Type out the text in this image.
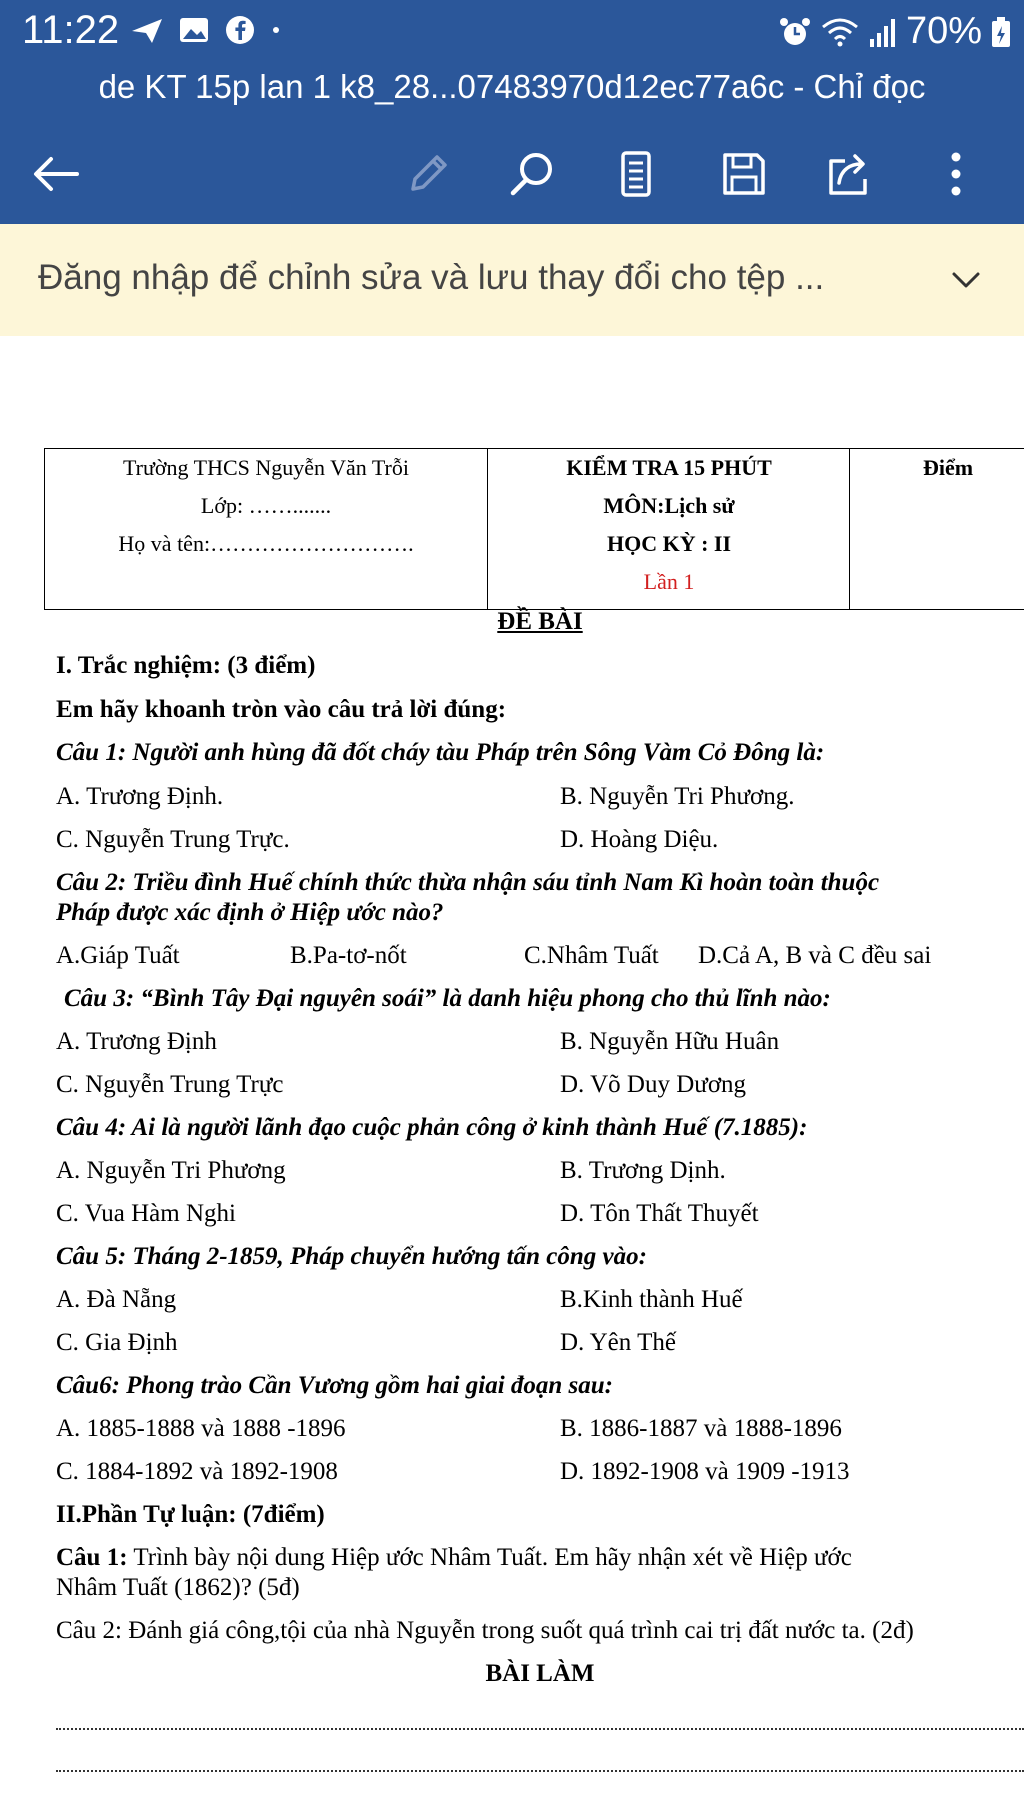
11:22	70%
de KT 15p lan 1 k8_28...07483970d12ec77a6c - Chỉ đọc
Đăng nhập để chỉnh sửa và lưu thay đổi cho tệp ...
Trường THCS Nguyễn Văn Trỗi
Lớp: …….......
Họ và tên:……………………….
KIỂM TRA 15 PHÚT
MÔN:Lịch sử
HỌC KỲ : II
Lần 1
Điểm
ĐỀ BÀI
I. Trắc nghiệm: (3 điểm)
Em hãy khoanh tròn vào câu trả lời đúng:
Câu 1: Người anh hùng đã đốt cháy tàu Pháp trên Sông Vàm Cỏ Đông là:
A. Trương Định.	B. Nguyễn Tri Phương.
C. Nguyễn Trung Trực.	D. Hoàng Diệu.
Câu 2: Triều đình Huế chính thức thừa nhận sáu tỉnh Nam Kì hoàn toàn thuộc
Pháp được xác định ở Hiệp ước nào?
A.Giáp Tuất	B.Pa-tơ-nốt	C.Nhâm Tuất D.Cả A, B và C đều sai
Câu 3: “Bình Tây Đại nguyên soái” là danh hiệu phong cho thủ lĩnh nào:
A. Trương Định	B. Nguyễn Hữu Huân
C. Nguyễn Trung Trực	D. Võ Duy Dương
Câu 4: Ai là người lãnh đạo cuộc phản công ở kinh thành Huế (7.1885):
A. Nguyễn Tri Phương	B. Trương Dịnh.
C. Vua Hàm Nghi	D. Tôn Thất Thuyết
Câu 5: Tháng 2-1859, Pháp chuyển hướng tấn công vào:
A. Đà Nẵng	B.Kinh thành Huế
C. Gia Định	D. Yên Thế
Câu6: Phong trào Cần Vương gồm hai giai đoạn sau:
A. 1885-1888 và 1888 -1896	B. 1886-1887 và 1888-1896
C. 1884-1892 và 1892-1908	D. 1892-1908 và 1909 -1913
II.Phần Tự luận: (7điểm)
Câu 1: Trình bày nội dung Hiệp ước Nhâm Tuất. Em hãy nhận xét về Hiệp ước
Nhâm Tuất (1862)? (5đ)
Câu 2: Đánh giá công,tội của nhà Nguyễn trong suốt quá trình cai trị đất nước ta. (2đ)
BÀI LÀM
